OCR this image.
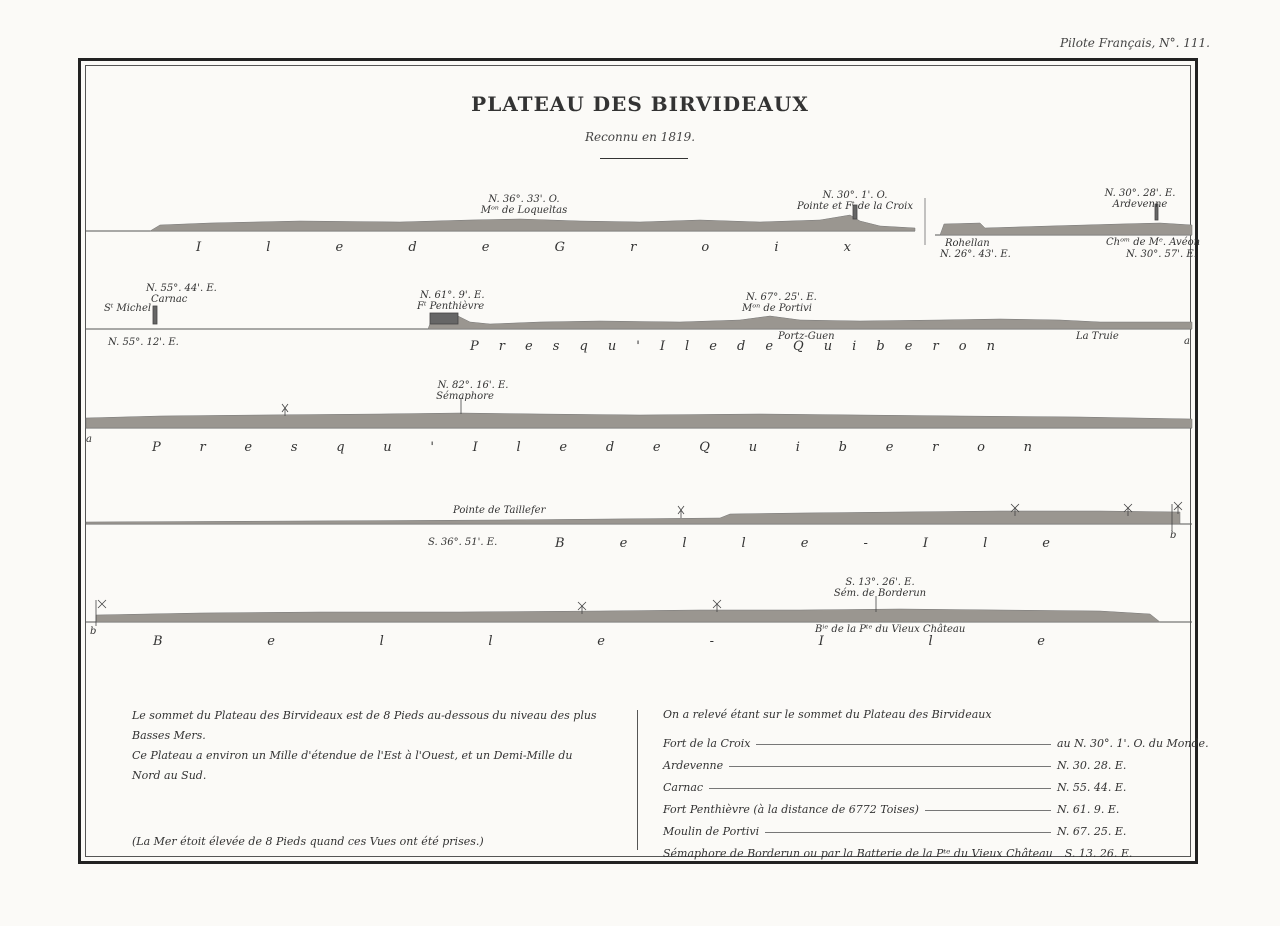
Pilote Français, N°. 111.
PLATEAU DES BIRVIDEAUX
Reconnu en 1819.
N. 36°. 33'. O.
Mᵒⁿ de Loqueltas
N. 30°. 1'. O.
Pointe et Fᵗ de la Croix
N. 30°. 28'. E.
Ardevenne
Rohellan
N. 26°. 43'. E.
Chᵒᵐ de Mᵉ. Avéon
N. 30°. 57'. E.
I	l	e	d	e	G	r	o	i	x
N. 55°. 44'. E.
Carnac
Sᵗ Michel
N. 55°. 12'. E.
N. 61°. 9'. E.
Fᵗ Penthièvre
N. 67°. 25'. E.
Mᵒⁿ de Portivi
Portz-Guen	La Truie	a
P r e s q u ' I l e d e Q u i b e r o n
N. 82°. 16'. E.
Sémaphore
a
P	r	e	s	q	u	'	I	l	e	d	e	Q	u	i	b	e	r	o	n
Pointe de Taillefer
S. 36°. 51'. E.
b
B	e	l	l	e	-	I	l	e
S. 13°. 26'. E.
Sém. de Borderun
Bⁱᵉ de la Pᵗᵉ du Vieux Château
b
B	e	l	l	e	-	I	l	e

Le sommet du Plateau des Birvideaux est de 8 Pieds au-dessous du niveau des plus Basses Mers.

Ce Plateau a environ un Mille d'étendue de l'Est à l'Ouest, et un Demi-Mille du Nord au Sud.

(La Mer étoit élevée de 8 Pieds quand ces Vues ont été prises.)

On a relevé étant sur le sommet du Plateau des Birvideaux
Fort de la Croix	au N. 30°. 1'. O. du Monde.
Ardevenne	N. 30. 28. E.
Carnac	N. 55. 44. E.
Fort Penthièvre (à la distance de 6772 Toises)	N. 61. 9. E.
Moulin de Portivi	N. 67. 25. E.
Sémaphore de Borderun ou par la Batterie de la Pᵗᵉ du Vieux Château S. 13. 26. E.
